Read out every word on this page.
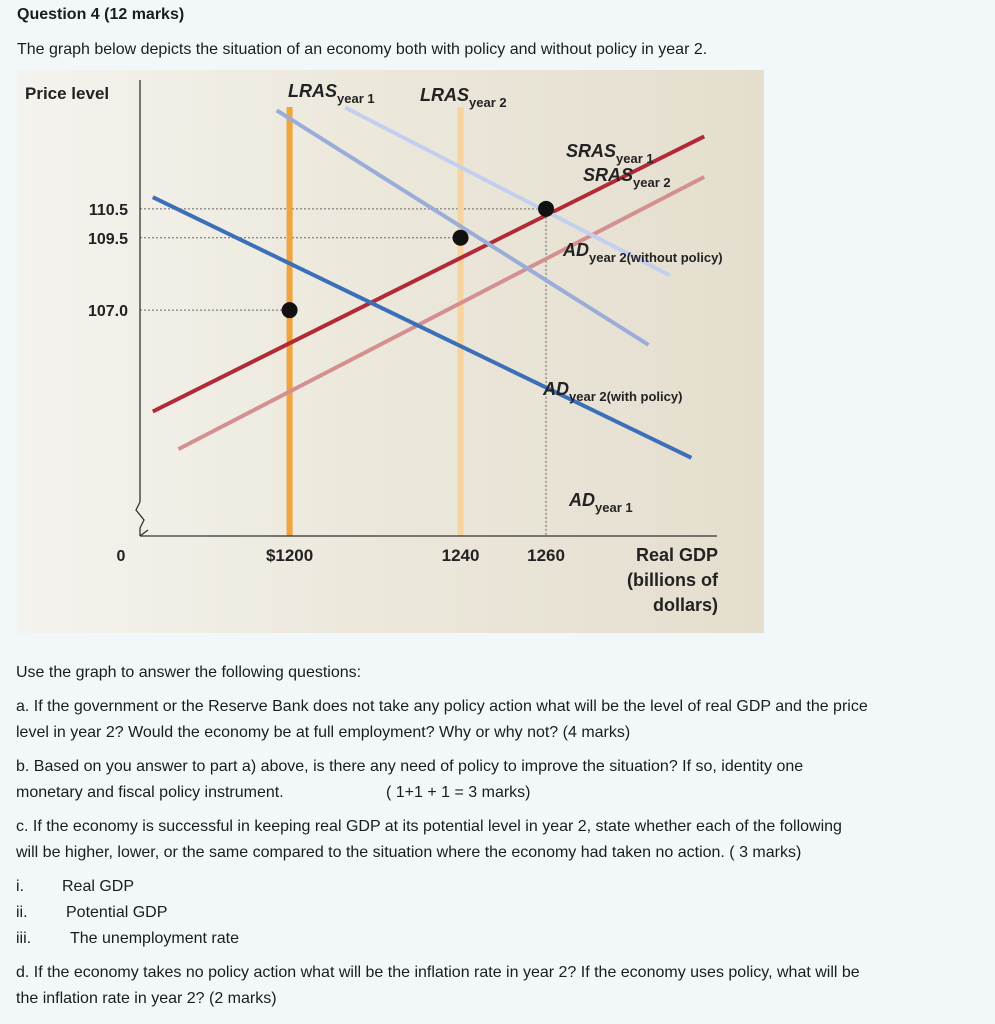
Question 4 (12 marks)
The graph below depicts the situation of an economy both with policy and without policy in year 2.
Price level
110.5
109.5
107.0
0	$1200	1240	1260	Real GDP
(billions of
dollars)
$LRAS_{year 1}$	$LRAS_{year 2}$
$SRAS_{year 1}$
$SRAS_{year 2}$
$AD_{year 2(without policy)}$
$AD_{year 2(with policy)}$
$AD_{year 1}$
Use the graph to answer the following questions:
a. If the government or the Reserve Bank does not take any policy action what will be the level of real GDP and the price
level in year 2? Would the economy be at full employment? Why or why not? (4 marks)
b. Based on you answer to part a) above, is there any need of policy to improve the situation? If so, identity one
monetary and fiscal policy instrument.	( 1+1 + 1 = 3 marks)
c. If the economy is successful in keeping real GDP at its potential level in year 2, state whether each of the following
will be higher, lower, or the same compared to the situation where the economy had taken no action. ( 3 marks)
i. Real GDP
ii. Potential GDP
iii. The unemployment rate
d. If the economy takes no policy action what will be the inflation rate in year 2? If the economy uses policy, what will be
the inflation rate in year 2? (2 marks)
